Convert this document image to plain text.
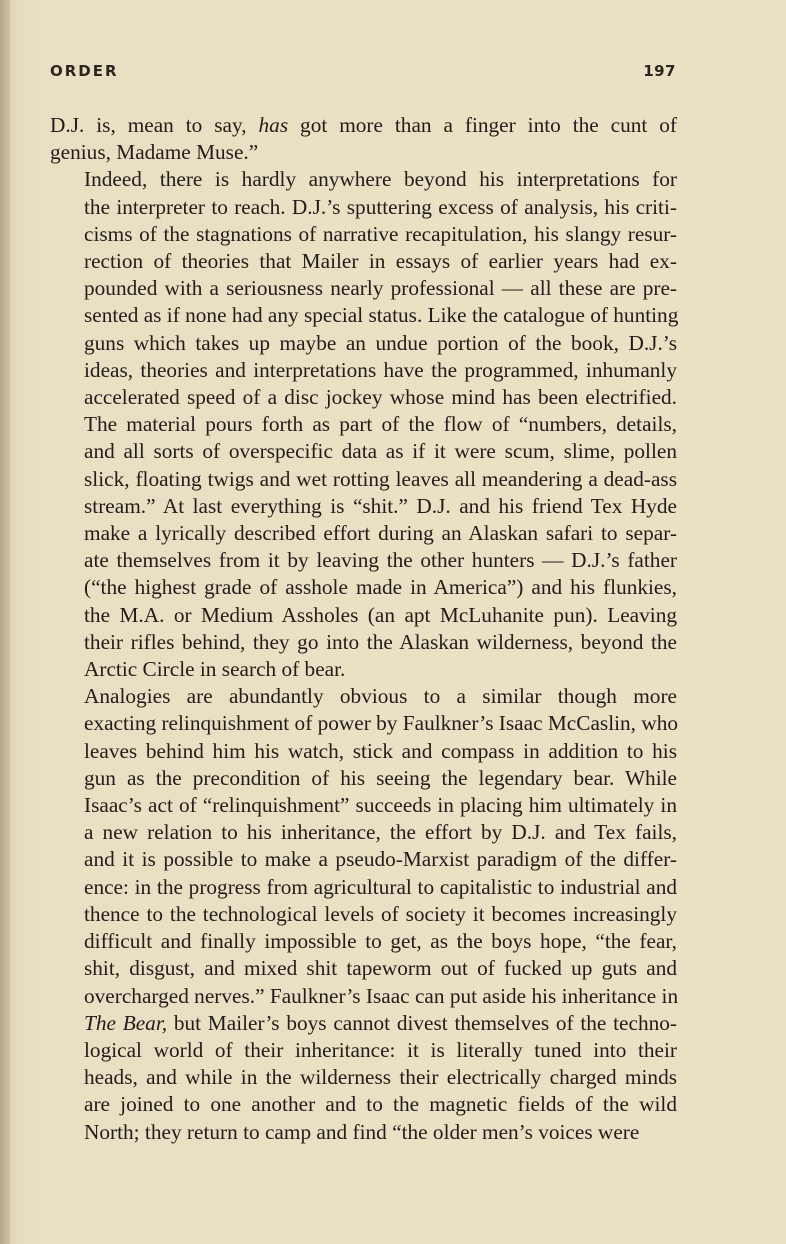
ORDER	197
D.J. is, mean to say, has got more than a finger into the cunt of
genius, Madame Muse.”
Indeed, there is hardly anywhere beyond his interpretations for
the interpreter to reach. D.J.’s sputtering excess of analysis, his criti-
cisms of the stagnations of narrative recapitulation, his slangy resur-
rection of theories that Mailer in essays of earlier years had ex-
pounded with a seriousness nearly professional — all these are pre-
sented as if none had any special status. Like the catalogue of hunting
guns which takes up maybe an undue portion of the book, D.J.’s
ideas, theories and interpretations have the programmed, inhumanly
accelerated speed of a disc jockey whose mind has been electrified.
The material pours forth as part of the flow of “numbers, details,
and all sorts of overspecific data as if it were scum, slime, pollen
slick, floating twigs and wet rotting leaves all meandering a dead-ass
stream.” At last everything is “shit.” D.J. and his friend Tex Hyde
make a lyrically described effort during an Alaskan safari to separ-
ate themselves from it by leaving the other hunters — D.J.’s father
(“the highest grade of asshole made in America”) and his flunkies,
the M.A. or Medium Assholes (an apt McLuhanite pun). Leaving
their rifles behind, they go into the Alaskan wilderness, beyond the
Arctic Circle in search of bear.
Analogies are abundantly obvious to a similar though more
exacting relinquishment of power by Faulkner’s Isaac McCaslin, who
leaves behind him his watch, stick and compass in addition to his
gun as the precondition of his seeing the legendary bear. While
Isaac’s act of “relinquishment” succeeds in placing him ultimately in
a new relation to his inheritance, the effort by D.J. and Tex fails,
and it is possible to make a pseudo-Marxist paradigm of the differ-
ence: in the progress from agricultural to capitalistic to industrial and
thence to the technological levels of society it becomes increasingly
difficult and finally impossible to get, as the boys hope, “the fear,
shit, disgust, and mixed shit tapeworm out of fucked up guts and
overcharged nerves.” Faulkner’s Isaac can put aside his inheritance in
The Bear, but Mailer’s boys cannot divest themselves of the techno-
logical world of their inheritance: it is literally tuned into their
heads, and while in the wilderness their electrically charged minds
are joined to one another and to the magnetic fields of the wild
North; they return to camp and find “the older men’s voices were
